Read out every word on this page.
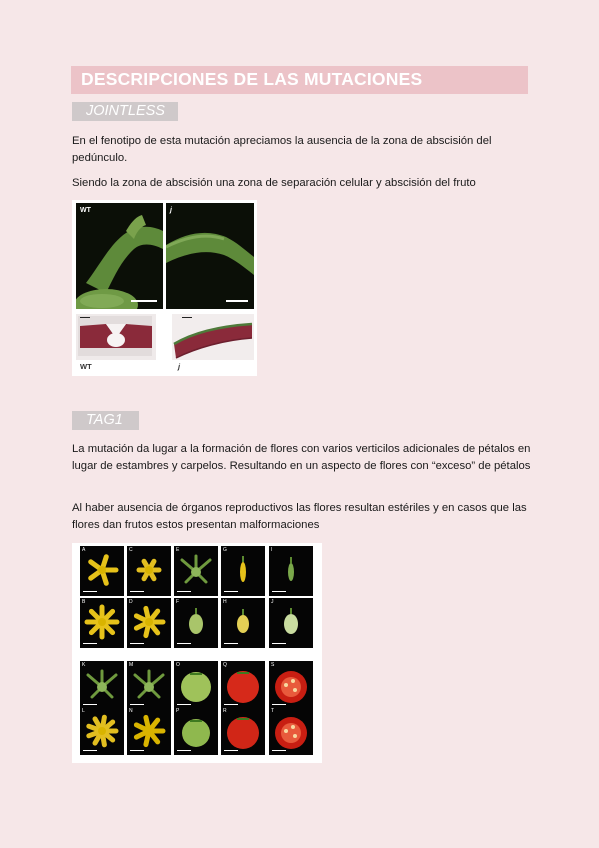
DESCRIPCIONES DE LAS MUTACIONES
JOINTLESS

En el fenotipo de esta mutación apreciamos la ausencia de la zona de abscisión del pedúnculo.

Siendo la zona de abscisión una zona de separación celular y abscisión del fruto

WT	j
WT	j
TAG1

La mutación da lugar a la formación de flores con varios verticilos adicionales de pétalos en lugar de estambres y carpelos. Resultando en un aspecto de flores con “exceso” de pétalos

Al haber ausencia de órganos reproductivos las flores resultan estériles y en casos que las flores dan frutos estos presentan malformaciones

A	C	E	G	I
B	D	F	H	J
K	M	O	Q	S
L	N	P	R	T
